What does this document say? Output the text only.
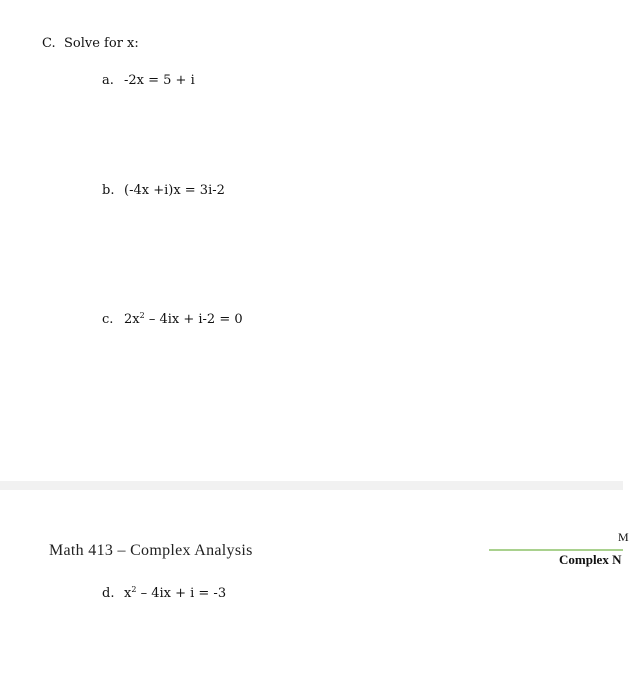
C. Solve for x:
a. -2x = 5 + i
b. (-4x +i)x = 3i-2
c. $2x^2 - 4ix + i-2 = 0$
Math 413 – Complex Analysis
M
Complex N
d. $x^2 - 4ix + i = -3$
